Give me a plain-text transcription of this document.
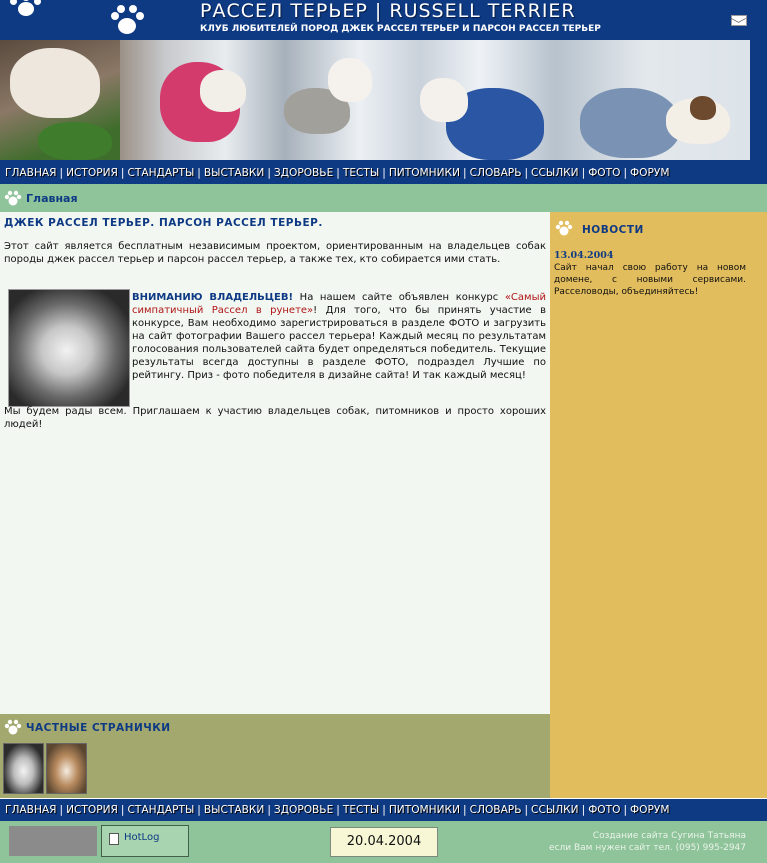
РАССЕЛ ТЕРЬЕР | RUSSELL TERRIER
КЛУБ ЛЮБИТЕЛЕЙ ПОРОД ДЖЕК РАССЕЛ ТЕРЬЕР И ПАРСОН РАССЕЛ ТЕРЬЕР
ГЛАВНАЯ | ИСТОРИЯ | СТАНДАРТЫ | ВЫСТАВКИ | ЗДОРОВЬЕ | ТЕСТЫ | ПИТОМНИКИ | СЛОВАРЬ | ССЫЛКИ | ФОТО | ФОРУМ
Главная
ДЖЕК РАССЕЛ ТЕРЬЕР. ПАРСОН РАССЕЛ ТЕРЬЕР.
Этот сайт является бесплатным независимым проектом, ориентированным на владельцев собак породы джек рассел терьер и парсон рассел терьер, а также тех, кто собирается ими стать.
ВНИМАНИЮ ВЛАДЕЛЬЦЕВ! На нашем сайте объявлен конкурс «Самый симпатичный Рассел в рунете»! Для того, что бы принять участие в конкурсе, Вам необходимо зарегистрироваться в разделе ФОТО и загрузить на сайт фотографии Вашего рассел терьера! Каждый месяц по результатам голосования пользователей сайта будет определяться победитель. Текущие результаты всегда доступны в разделе ФОТО, подраздел Лучшие по рейтингу. Приз - фото победителя в дизайне сайта! И так каждый месяц!
Мы будем рады всем. Приглашаем к участию владельцев собак, питомников и просто хороших людей!
ЧАСТНЫЕ СТРАНИЧКИ
НОВОСТИ
13.04.2004
Сайт начал свою работу на новом домене, с новыми сервисами. Расселоводы, объединяйтесь!
ГЛАВНАЯ | ИСТОРИЯ | СТАНДАРТЫ | ВЫСТАВКИ | ЗДОРОВЬЕ | ТЕСТЫ | ПИТОМНИКИ | СЛОВАРЬ | ССЫЛКИ | ФОТО | ФОРУМ
HotLog	20.04.2004	Создание сайта Сугина Татьяна
если Вам нужен сайт тел. (095) 995-2947
